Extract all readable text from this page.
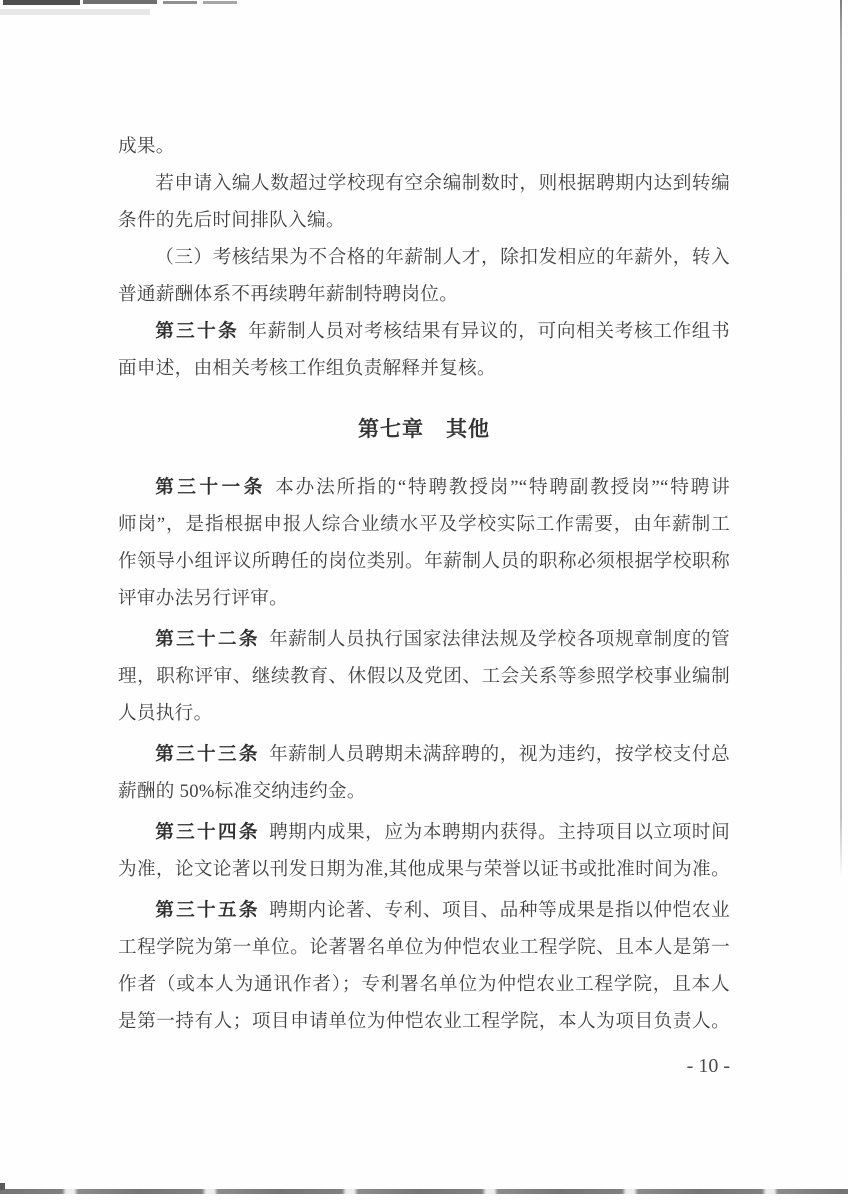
成果。
若申请入编人数超过学校现有空余编制数时，则根据聘期内达到转编
条件的先后时间排队入编。
（三）考核结果为不合格的年薪制人才，除扣发相应的年薪外，转入
普通薪酬体系不再续聘年薪制特聘岗位。
第三十条 年薪制人员对考核结果有异议的，可向相关考核工作组书
面申述，由相关考核工作组负责解释并复核。
第七章　其他
第三十一条 本办法所指的“特聘教授岗”“特聘副教授岗”“特聘讲
师岗”，是指根据申报人综合业绩水平及学校实际工作需要，由年薪制工
作领导小组评议所聘任的岗位类别。年薪制人员的职称必须根据学校职称
评审办法另行评审。
第三十二条 年薪制人员执行国家法律法规及学校各项规章制度的管
理，职称评审、继续教育、休假以及党团、工会关系等参照学校事业编制
人员执行。
第三十三条 年薪制人员聘期未满辞聘的，视为违约，按学校支付总
薪酬的 50%标准交纳违约金。
第三十四条 聘期内成果，应为本聘期内获得。主持项目以立项时间
为准，论文论著以刊发日期为准,其他成果与荣誉以证书或批准时间为准。
第三十五条 聘期内论著、专利、项目、品种等成果是指以仲恺农业
工程学院为第一单位。论著署名单位为仲恺农业工程学院、且本人是第一
作者（或本人为通讯作者）；专利署名单位为仲恺农业工程学院，且本人
是第一持有人；项目申请单位为仲恺农业工程学院，本人为项目负责人。
- 10 -
